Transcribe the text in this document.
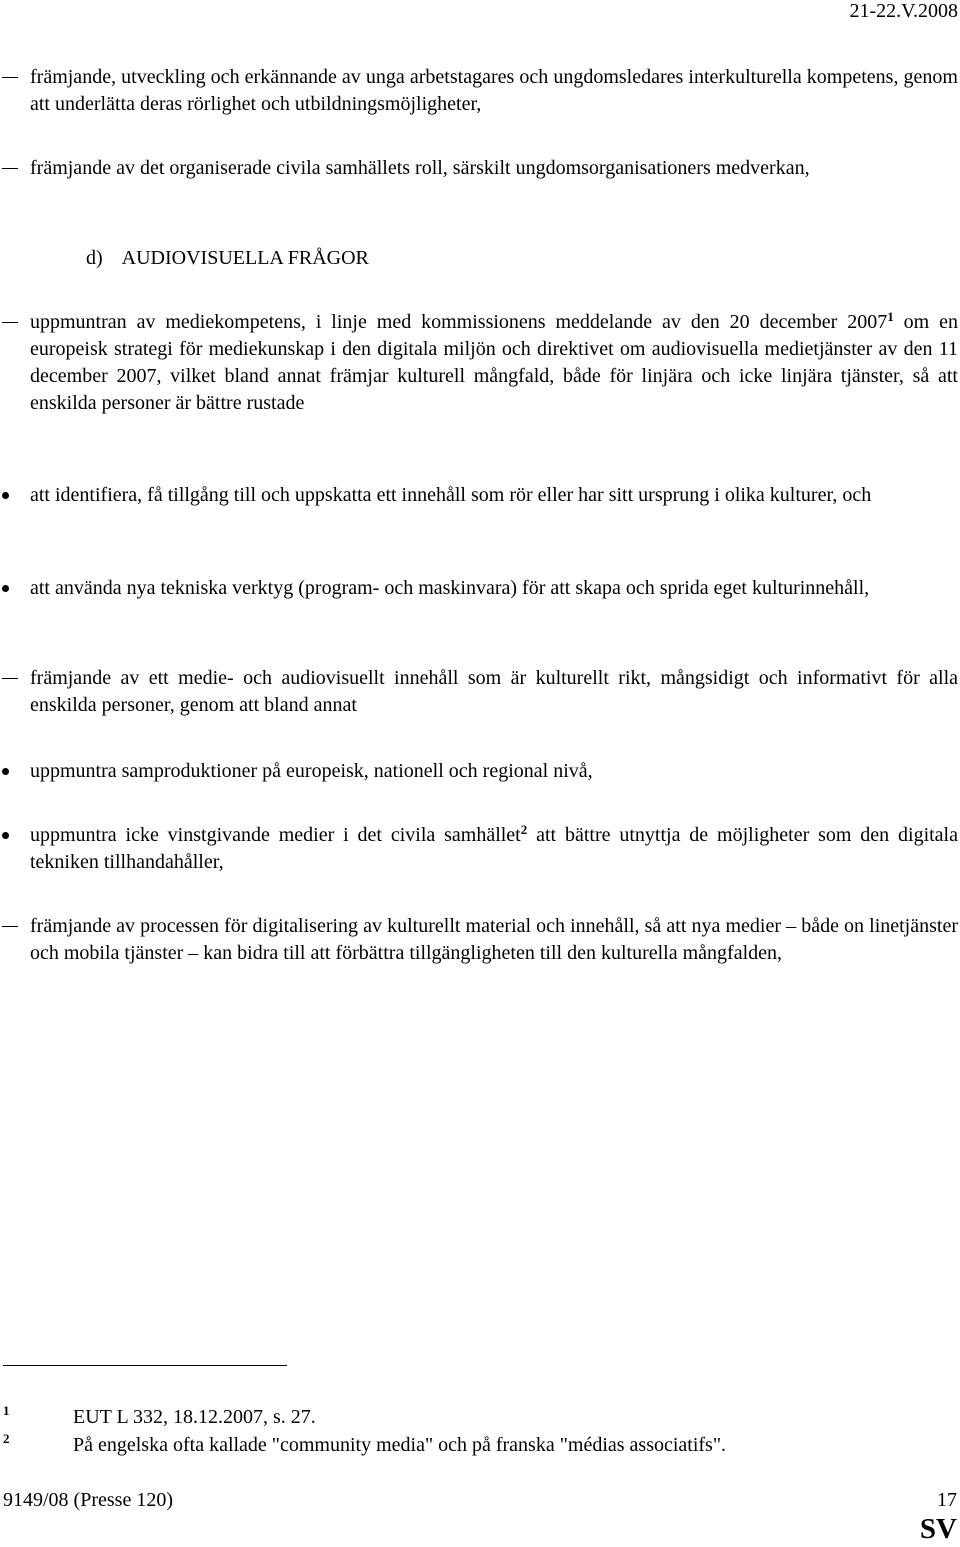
21-22.V.2008
främjande, utveckling och erkännande av unga arbetstagares och ungdomsledares interkulturella kompetens, genom att underlätta deras rörlighet och utbildningsmöjligheter,
främjande av det organiserade civila samhällets roll, särskilt ungdomsorganisationers medverkan,
d) AUDIOVISUELLA FRÅGOR
uppmuntran av mediekompetens, i linje med kommissionens meddelande av den 20 december 2007$^1$ om en europeisk strategi för mediekunskap i den digitala miljön och direktivet om audiovisuella medietjänster av den 11 december 2007, vilket bland annat främjar kulturell mångfald, både för linjära och icke linjära tjänster, så att enskilda personer är bättre rustade
att identifiera, få tillgång till och uppskatta ett innehåll som rör eller har sitt ursprung i olika kulturer, och
att använda nya tekniska verktyg (program- och maskinvara) för att skapa och sprida eget kulturinnehåll,
främjande av ett medie- och audiovisuellt innehåll som är kulturellt rikt, mångsidigt och informativt för alla enskilda personer, genom att bland annat
uppmuntra samproduktioner på europeisk, nationell och regional nivå,
uppmuntra icke vinstgivande medier i det civila samhället$^2$ att bättre utnyttja de möjligheter som den digitala tekniken tillhandahåller,
främjande av processen för digitalisering av kulturellt material och innehåll, så att nya medier – både on linetjänster och mobila tjänster – kan bidra till att förbättra tillgängligheten till den kulturella mångfalden,
1	EUT L 332, 18.12.2007, s. 27.
2	På engelska ofta kallade "community media" och på franska "médias associatifs".
9149/08 (Presse 120)	17
SV
